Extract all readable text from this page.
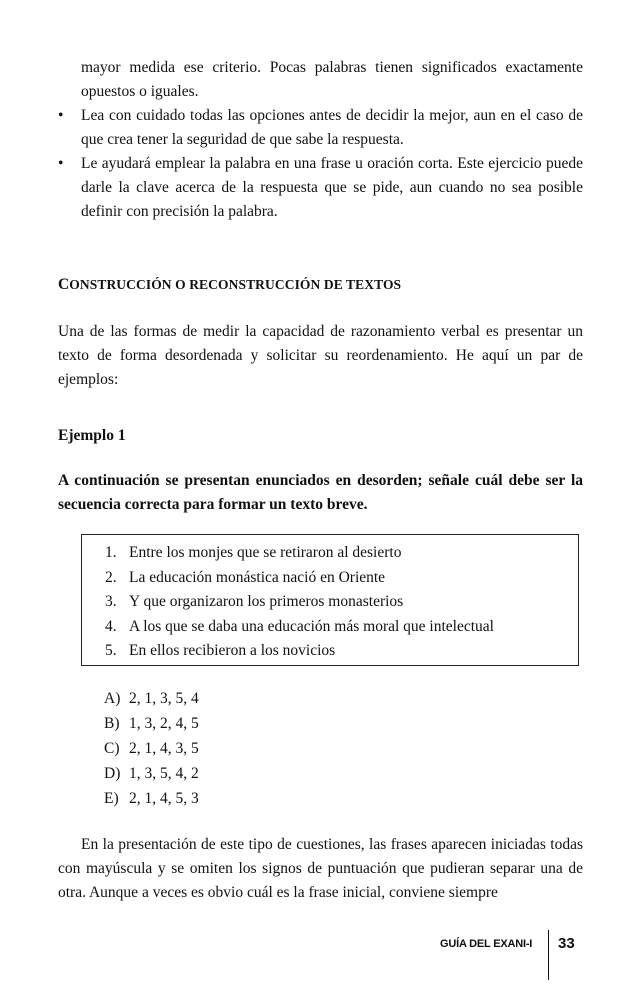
mayor medida ese criterio. Pocas palabras tienen significados exactamente opuestos o iguales.

• Lea con cuidado todas las opciones antes de decidir la mejor, aun en el caso de que crea tener la seguridad de que sabe la respuesta.
• Le ayudará emplear la palabra en una frase u oración corta. Este ejercicio puede darle la clave acerca de la respuesta que se pide, aun cuando no sea posible definir con precisión la palabra.
CONSTRUCCIÓN O RECONSTRUCCIÓN DE TEXTOS

Una de las formas de medir la capacidad de razonamiento verbal es presentar un texto de forma desordenada y solicitar su reordenamiento. He aquí un par de ejemplos:

Ejemplo 1

A continuación se presentan enunciados en desorden; señale cuál debe ser la secuencia correcta para formar un texto breve.

1. Entre los monjes que se retiraron al desierto
2. La educación monástica nació en Oriente
3. Y que organizaron los primeros monasterios
4. A los que se daba una educación más moral que intelectual
5. En ellos recibieron a los novicios
A) 2, 1, 3, 5, 4
B) 1, 3, 2, 4, 5
C) 2, 1, 4, 3, 5
D) 1, 3, 5, 4, 2
E) 2, 1, 4, 5, 3

En la presentación de este tipo de cuestiones, las frases aparecen iniciadas todas con mayúscula y se omiten los signos de puntuación que pudieran separar una de otra. Aunque a veces es obvio cuál es la frase inicial, conviene siempre

GUÍA DEL EXANI-I 33
